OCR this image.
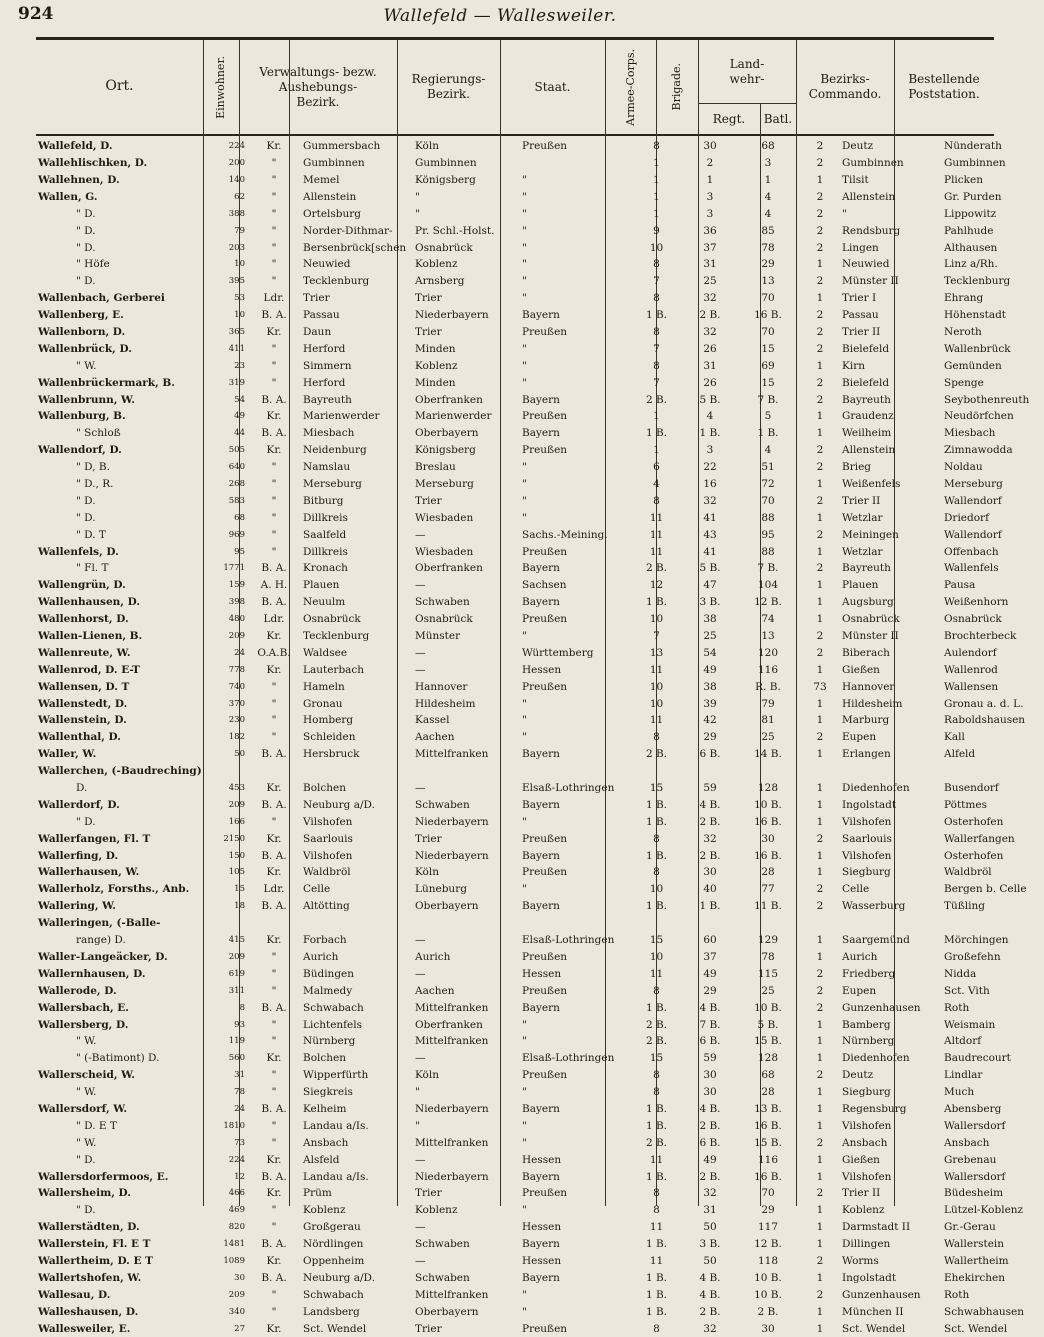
924	Wallefeld — Wallesweiler.
Ort.	Einwohner.	Verwaltungs- bezw. Aushebungs- Bezirk.
Regierungs- Bezirk.
Staat.	Armee-Corps.	Brigade.	Land- wehr-
Regt.	Batl.
Bezirks- Commando.
Bestellende Poststation.
Wallefeld, D.	224	Kr.	Gummersbach	Köln	Preußen	8	30	68	2	Deutz	Nünderath
Wallehlischken, D.	200	"	Gumbinnen	Gumbinnen		1	2	3	2	Gumbinnen	Gumbinnen
Wallehnen, D.	140	"	Memel	Königsberg	"	1	1	1	1	Tilsit	Plicken
Wallen, G.	62	"	Allenstein	"	"	1	3	4	2	Allenstein	Gr. Purden
" D.	388	"	Ortelsburg	"	"	1	3	4	2	"	Lippowitz
" D.	79	"	Norder-Dithmar-	Pr. Schl.-Holst.	"	9	36	85	2	Rendsburg	Pahlhude
" D.	203	"	Bersenbrück[schen	Osnabrück	"	10	37	78	2	Lingen	Althausen
" Höfe	10	"	Neuwied	Koblenz	"	8	31	29	1	Neuwied	Linz a/Rh.
" D.	395	"	Tecklenburg	Arnsberg	"	7	25	13	2	Münster II	Tecklenburg
Wallenbach, Gerberei	53	Ldr.	Trier	Trier	"	8	32	70	1	Trier I	Ehrang
Wallenberg, E.	10	B. A.	Passau	Niederbayern	Bayern	1 B.	2 B.	16 B.	2	Passau	Höhenstadt
Wallenborn, D.	365	Kr.	Daun	Trier	Preußen	8	32	70	2	Trier II	Neroth
Wallenbrück, D.	411	"	Herford	Minden	"	7	26	15	2	Bielefeld	Wallenbrück
" W.	23	"	Simmern	Koblenz	"	8	31	69	1	Kirn	Gemünden
Wallenbrückermark, B.	319	"	Herford	Minden	"	7	26	15	2	Bielefeld	Spenge
Wallenbrunn, W.	54	B. A.	Bayreuth	Oberfranken	Bayern	2 B.	5 B.	7 B.	2	Bayreuth	Seybothenreuth
Wallenburg, B.	49	Kr.	Marienwerder	Marienwerder	Preußen	1	4	5	1	Graudenz	Neudörfchen
" Schloß	44	B. A.	Miesbach	Oberbayern	Bayern	1 B.	1 B.	1 B.	1	Weilheim	Miesbach
Wallendorf, D.	505	Kr.	Neidenburg	Königsberg	Preußen	1	3	4	2	Allenstein	Zimnawodda
" D, B.	640	"	Namslau	Breslau	"	6	22	51	2	Brieg	Noldau
" D., R.	268	"	Merseburg	Merseburg	"	4	16	72	1	Weißenfels	Merseburg
" D.	583	"	Bitburg	Trier	"	8	32	70	2	Trier II	Wallendorf
" D.	68	"	Dillkreis	Wiesbaden	"	11	41	88	1	Wetzlar	Driedorf
" D. T	969	"	Saalfeld	—	Sachs.-Meining.	11	43	95	2	Meiningen	Wallendorf
Wallenfels, D.	95	"	Dillkreis	Wiesbaden	Preußen	11	41	88	1	Wetzlar	Offenbach
" Fl. T	1771	B. A.	Kronach	Oberfranken	Bayern	2 B.	5 B.	7 B.	2	Bayreuth	Wallenfels
Wallengrün, D.	159	A. H.	Plauen	—	Sachsen	12	47	104	1	Plauen	Pausa
Wallenhausen, D.	398	B. A.	Neuulm	Schwaben	Bayern	1 B.	3 B.	12 B.	1	Augsburg	Weißenhorn
Wallenhorst, D.	480	Ldr.	Osnabrück	Osnabrück	Preußen	10	38	74	1	Osnabrück	Osnabrück
Wallen-Lienen, B.	209	Kr.	Tecklenburg	Münster	"	7	25	13	2	Münster II	Brochterbeck
Wallenreute, W.	24	O.A.B.	Waldsee	—	Württemberg	13	54	120	2	Biberach	Aulendorf
Wallenrod, D. E-T	778	Kr.	Lauterbach	—	Hessen	11	49	116	1	Gießen	Wallenrod
Wallensen, D. T	740	"	Hameln	Hannover	Preußen	10	38	R. B.	73	Hannover	Wallensen
Wallenstedt, D.	370	"	Gronau	Hildesheim	"	10	39	79	1	Hildesheim	Gronau a. d. L.
Wallenstein, D.	230	"	Homberg	Kassel	"	11	42	81	1	Marburg	Raboldshausen
Wallenthal, D.	182	"	Schleiden	Aachen	"	8	29	25	2	Eupen	Kall
Waller, W.	50	B. A.	Hersbruck	Mittelfranken	Bayern	2 B.	6 B.	14 B.	1	Erlangen	Alfeld
Wallerchen, (-Baudreching)											
D.	453	Kr.	Bolchen	—	Elsaß-Lothringen	15	59	128	1	Diedenhofen	Busendorf
Wallerdorf, D.	209	B. A.	Neuburg a/D.	Schwaben	Bayern	1 B.	4 B.	10 B.	1	Ingolstadt	Pöttmes
" D.	166	"	Vilshofen	Niederbayern	"	1 B.	2 B.	16 B.	1	Vilshofen	Osterhofen
Wallerfangen, Fl. T	2150	Kr.	Saarlouis	Trier	Preußen	8	32	30	2	Saarlouis	Wallerfangen
Wallerfing, D.	150	B. A.	Vilshofen	Niederbayern	Bayern	1 B.	2 B.	16 B.	1	Vilshofen	Osterhofen
Wallerhausen, W.	105	Kr.	Waldbröl	Köln	Preußen	8	30	28	1	Siegburg	Waldbröl
Wallerholz, Forsths., Anb.	15	Ldr.	Celle	Lüneburg	"	10	40	77	2	Celle	Bergen b. Celle
Wallering, W.	18	B. A.	Altötting	Oberbayern	Bayern	1 B.	1 B.	11 B.	2	Wasserburg	Tüßling
Walleringen, (-Balle-											
range) D.	415	Kr.	Forbach	—	Elsaß-Lothringen	15	60	129	1	Saargemünd	Mörchingen
Waller-Langeäcker, D.	209	"	Aurich	Aurich	Preußen	10	37	78	1	Aurich	Großefehn
Wallernhausen, D.	619	"	Büdingen	—	Hessen	11	49	115	2	Friedberg	Nidda
Wallerode, D.	311	"	Malmedy	Aachen	Preußen	8	29	25	2	Eupen	Sct. Vith
Wallersbach, E.	8	B. A.	Schwabach	Mittelfranken	Bayern	1 B.	4 B.	10 B.	2	Gunzenhausen	Roth
Wallersberg, D.	93	"	Lichtenfels	Oberfranken	"	2 B.	7 B.	5 B.	1	Bamberg	Weismain
" W.	119	"	Nürnberg	Mittelfranken	"	2 B.	6 B.	15 B.	1	Nürnberg	Altdorf
" (-Batimont) D.	560	Kr.	Bolchen	—	Elsaß-Lothringen	15	59	128	1	Diedenhofen	Baudrecourt
Wallerscheid, W.	31	"	Wipperfürth	Köln	Preußen	8	30	68	2	Deutz	Lindlar
" W.	78	"	Siegkreis	"	"	8	30	28	1	Siegburg	Much
Wallersdorf, W.	24	B. A.	Kelheim	Niederbayern	Bayern	1 B.	4 B.	13 B.	1	Regensburg	Abensberg
" D. E T	1810	"	Landau a/Is.	"	"	1 B.	2 B.	16 B.	1	Vilshofen	Wallersdorf
" W.	73	"	Ansbach	Mittelfranken	"	2 B.	6 B.	15 B.	2	Ansbach	Ansbach
" D.	224	Kr.	Alsfeld	—	Hessen	11	49	116	1	Gießen	Grebenau
Wallersdorfermoos, E.	12	B. A.	Landau a/Is.	Niederbayern	Bayern	1 B.	2 B.	16 B.	1	Vilshofen	Wallersdorf
Wallersheim, D.	466	Kr.	Prüm	Trier	Preußen	8	32	70	2	Trier II	Büdesheim
" D.	469	"	Koblenz	Koblenz	"	8	31	29	1	Koblenz	Lützel-Koblenz
Wallerstädten, D.	820	"	Großgerau	—	Hessen	11	50	117	1	Darmstadt II	Gr.-Gerau
Wallerstein, Fl. E T	1481	B. A.	Nördlingen	Schwaben	Bayern	1 B.	3 B.	12 B.	1	Dillingen	Wallerstein
Wallertheim, D. E T	1089	Kr.	Oppenheim	—	Hessen	11	50	118	2	Worms	Wallertheim
Wallertshofen, W.	30	B. A.	Neuburg a/D.	Schwaben	Bayern	1 B.	4 B.	10 B.	1	Ingolstadt	Ehekirchen
Wallesau, D.	209	"	Schwabach	Mittelfranken	"	1 B.	4 B.	10 B.	2	Gunzenhausen	Roth
Walleshausen, D.	340	"	Landsberg	Oberbayern	"	1 B.	2 B.	2 B.	1	München II	Schwabhausen
Wallesweiler, E.	27	Kr.	Sct. Wendel	Trier	Preußen	8	32	30	1	Sct. Wendel	Sct. Wendel
